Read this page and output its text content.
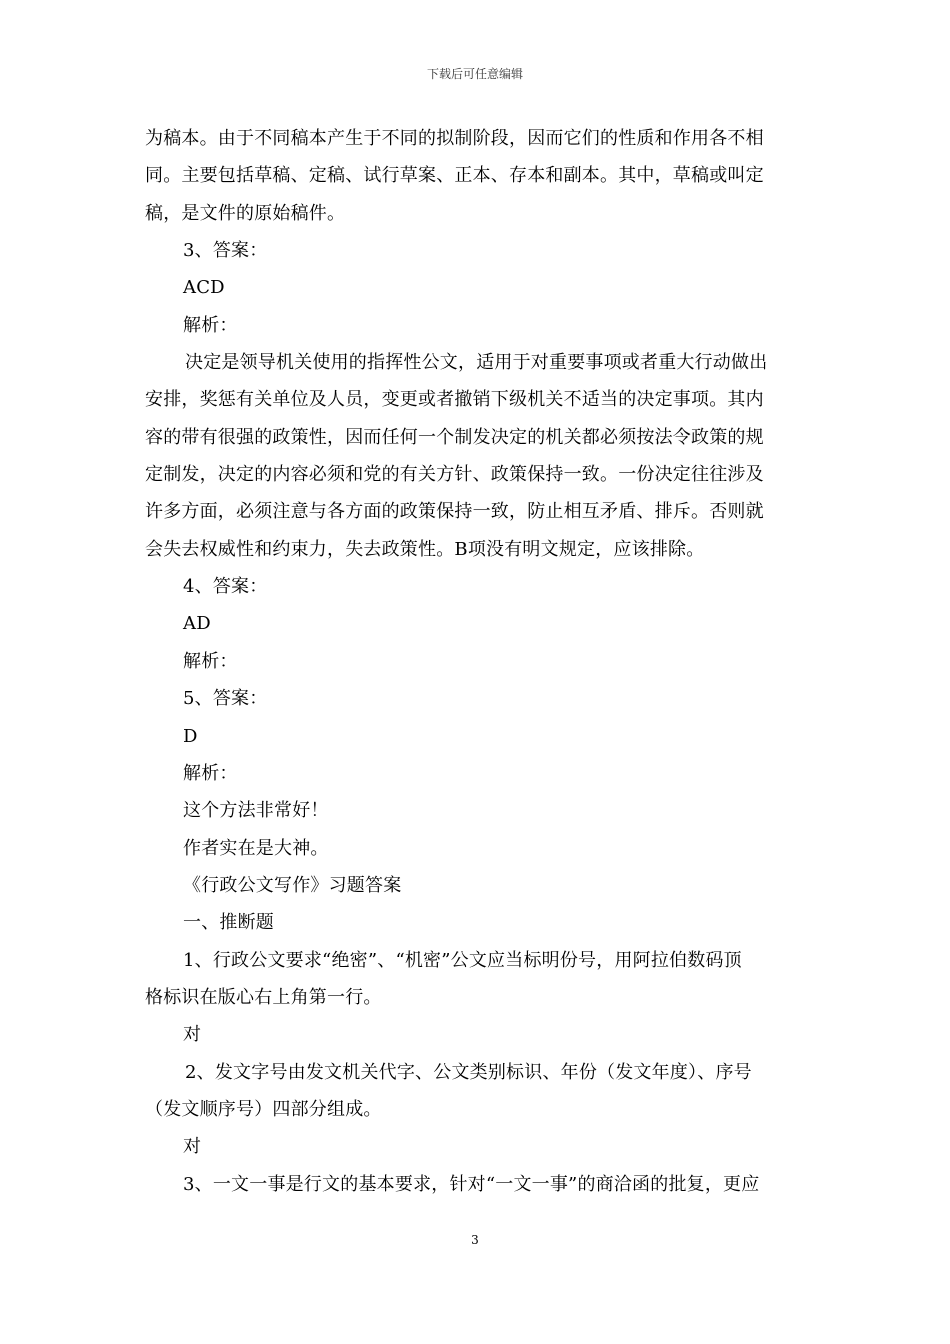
下载后可任意编辑
为稿本。由于不同稿本产生于不同的拟制阶段，因而它们的性质和作用各不相
同。主要包括草稿、定稿、试行草案、正本、存本和副本。其中，草稿或叫定
稿，是文件的原始稿件。
3、答案：
ACD
解析：
决定是领导机关使用的指挥性公文，适用于对重要事项或者重大行动做出
安排，奖惩有关单位及人员，变更或者撤销下级机关不适当的决定事项。其内
容的带有很强的政策性，因而任何一个制发决定的机关都必须按法令政策的规
定制发，决定的内容必须和党的有关方针、政策保持一致。一份决定往往涉及
许多方面，必须注意与各方面的政策保持一致，防止相互矛盾、排斥。否则就
会失去权威性和约束力，失去政策性。B项没有明文规定，应该排除。
4、答案：
AD
解析：
5、答案：
D
解析：
这个方法非常好！
作者实在是大神。
《行政公文写作》习题答案
一、推断题
1、行政公文要求“绝密”、“机密”公文应当标明份号，用阿拉伯数码顶
格标识在版心右上角第一行。
对
2、发文字号由发文机关代字、公文类别标识、年份（发文年度）、序号
（发文顺序号）四部分组成。
对
3、一文一事是行文的基本要求，针对“一文一事”的商洽函的批复，更应
3
